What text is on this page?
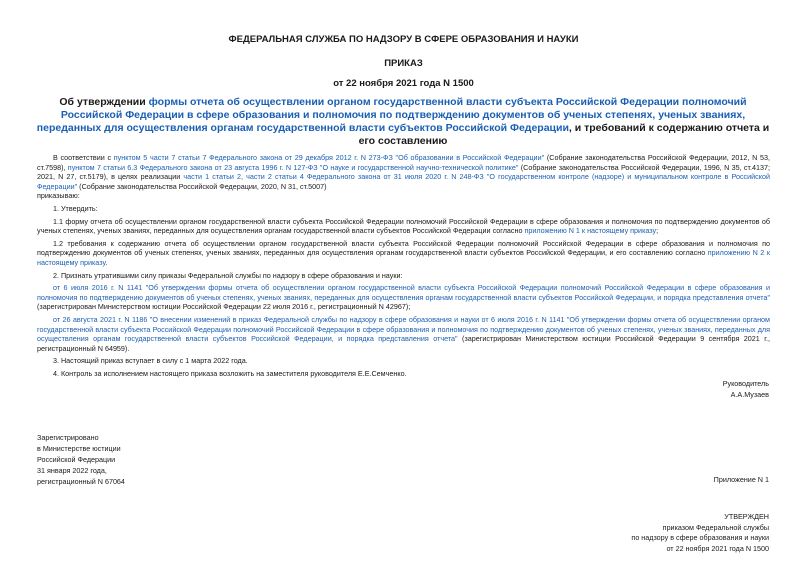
ФЕДЕРАЛЬНАЯ СЛУЖБА ПО НАДЗОРУ В СФЕРЕ ОБРАЗОВАНИЯ И НАУКИ
ПРИКАЗ
от 22 ноября 2021 года N 1500
Об утверждении формы отчета об осуществлении органом государственной власти субъекта Российской Федерации полномочий Российской Федерации в сфере образования и полномочия по подтверждению документов об ученых степенях, ученых званиях, переданных для осуществления органам государственной власти субъектов Российской Федерации, и требований к содержанию отчета и его составлению

В соответствии с пунктом 5 части 7 статьи 7 Федерального закона от 29 декабря 2012 г. N 273-ФЗ "Об образовании в Российской Федерации" (Собрание законодательства Российской Федерации, 2012, N 53, ст.7598), пунктом 7 статьи 6.3 Федерального закона от 23 августа 1996 г. N 127-ФЗ "О науке и государственной научно-технической политике" (Собрание законодательства Российской Федерации, 1996, N 35, ст.4137; 2021, N 27, ст.5179), в целях реализации части 1 статьи 2, части 2 статьи 4 Федерального закона от 31 июля 2020 г. N 248-ФЗ "О государственном контроле (надзоре) и муниципальном контроле в Российской Федерации" (Собрание законодательства Российской Федерации, 2020, N 31, ст.5007)

приказываю:

1. Утвердить:

1.1 форму отчета об осуществлении органом государственной власти субъекта Российской Федерации полномочий Российской Федерации в сфере образования и полномочия по подтверждению документов об ученых степенях, ученых званиях, переданных для осуществления органам государственной власти субъектов Российской Федерации согласно приложению N 1 к настоящему приказу;

1.2 требования к содержанию отчета об осуществлении органом государственной власти субъекта Российской Федерации полномочий Российской Федерации в сфере образования и полномочия по подтверждению документов об ученых степенях, ученых званиях, переданных для осуществления органам государственной власти субъектов Российской Федерации, и его составлению согласно приложению N 2 к настоящему приказу.

2. Признать утратившими силу приказы Федеральной службы по надзору в сфере образования и науки:

от 6 июля 2016 г. N 1141 "Об утверждении формы отчета об осуществлении органом государственной власти субъекта Российской Федерации полномочий Российской Федерации в сфере образования и полномочия по подтверждению документов об ученых степенях, ученых званиях, переданных для осуществления органам государственной власти субъектов Российской Федерации, и порядка представления отчета" (зарегистрирован Министерством юстиции Российской Федерации 22 июля 2016 г., регистрационный N 42967);

от 26 августа 2021 г. N 1186 "О внесении изменений в приказ Федеральной службы по надзору в сфере образования и науки от 6 июля 2016 г. N 1141 "Об утверждении формы отчета об осуществлении органом государственной власти субъекта Российской Федерации полномочий Российской Федерации в сфере образования и полномочия по подтверждению документов об ученых степенях, ученых званиях, переданных для осуществления органам государственной власти субъектов Российской Федерации, и порядка представления отчета" (зарегистрирован Министерством юстиции Российской Федерации 9 сентября 2021 г., регистрационный N 64959).

3. Настоящий приказ вступает в силу с 1 марта 2022 года.

4. Контроль за исполнением настоящего приказа возложить на заместителя руководителя Е.Е.Семченко.

Руководитель
А.А.Музаев
Зарегистрировано
в Министерстве юстиции
Российской Федерации
31 января 2022 года,
регистрационный N 67064	Приложение N 1
УТВЕРЖДЕН
приказом Федеральной службы
по надзору в сфере образования и науки
от 22 ноября 2021 года N 1500
